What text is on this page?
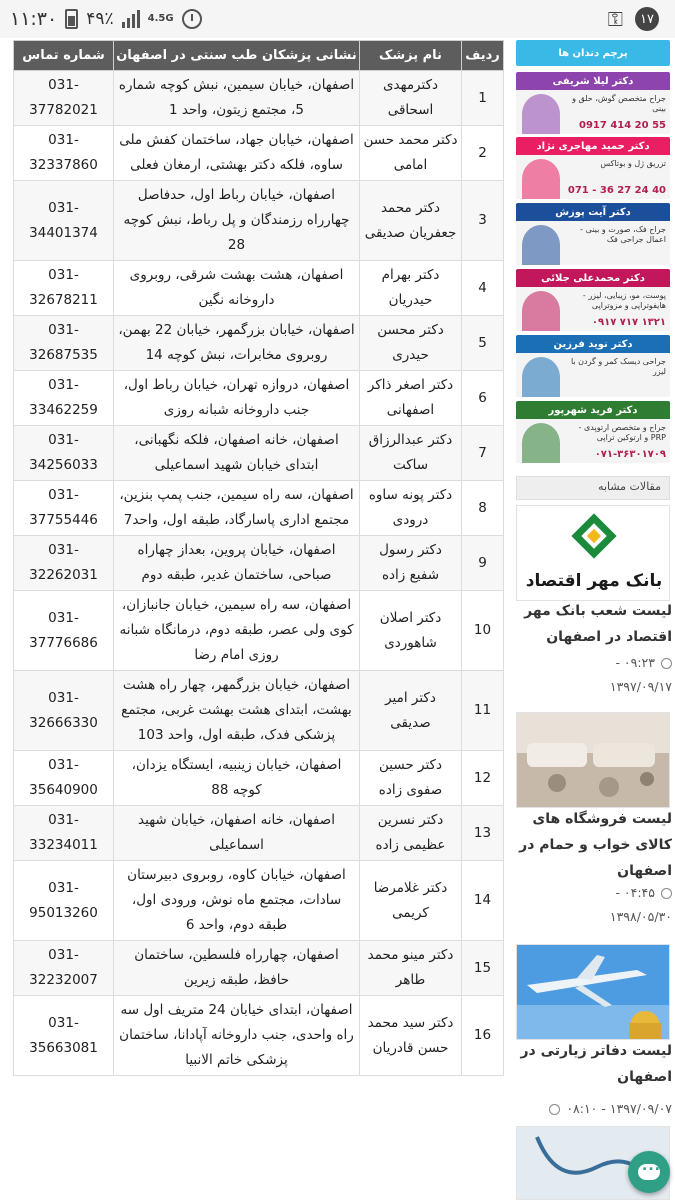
۱۱:۳۰ ۴۹٪	4.5G	⚿	۱۷
ردیف	نام پزشک	نشانی پزشکان طب سنتی در اصفهان	شماره تماس
1	دکترمهدی اسحاقی	اصفهان، خیابان سیمین، نبش کوچه شماره 5، مجتمع زیتون، واحد 1	031-37782021
2	دکتر محمد حسن امامی	اصفهان، خیابان جهاد، ساختمان کفش ملی ساوه، فلکه دکتر بهشتی، ارمغان فعلی	031-32337860
3	دکتر محمد جعفریان صدیقی	اصفهان، خیابان رباط اول، حدفاصل چهارراه رزمندگان و پل رباط، نبش کوچه 28	031-34401374
4	دکتر بهرام حیدریان	اصفهان، هشت بهشت شرقی، روبروی داروخانه نگین	031-32678211
5	دکتر محسن حیدری	اصفهان، خیابان بزرگمهر، خیابان 22 بهمن، روبروی مخابرات، نبش کوچه 14	031-32687535
6	دکتر اصغر ذاکر اصفهانی	اصفهان، دروازه تهران، خیابان رباط اول، جنب داروخانه شبانه روزی	031-33462259
7	دکتر عبدالرزاق ساکت	اصفهان، خانه اصفهان، فلکه نگهبانی، ابتدای خیابان شهید اسماعیلی	031-34256033
8	دکتر پونه ساوه درودی	اصفهان، سه راه سیمین، جنب پمپ بنزین، مجتمع اداری پاسارگاد، طبقه اول، واحد7	031-37755446
9	دکتر رسول شفیع زاده	اصفهان، خیابان پروین، بعداز چهاراه صباحی، ساختمان غدیر، طبقه دوم	031-32262031
10	دکتر اصلان شاهوردی	اصفهان، سه راه سیمین، خیابان جانبازان، کوی ولی عصر، طبقه دوم، درمانگاه شبانه روزی امام رضا	031-37776686
11	دکتر امیر صدیقی	اصفهان، خیابان بزرگمهر، چهار راه هشت بهشت، ابتدای هشت بهشت غربی، مجتمع پزشکی فدک، طبقه اول، واحد 103	031-32666330
12	دکتر حسین صفوی زاده	اصفهان، خیابان زینبیه، ایستگاه یزدان، کوچه 88	031-35640900
13	دکتر نسرین عظیمی زاده	اصفهان، خانه اصفهان، خیابان شهید اسماعیلی	031-33234011
14	دکتر غلامرضا کریمی	اصفهان، خیابان کاوه، روبروی دبیرستان سادات، مجتمع ماه نوش، ورودی اول، طبقه دوم، واحد 6	031-95013260
15	دکتر مینو محمد طاهر	اصفهان، چهارراه فلسطین، ساختمان حافظ، طبقه زیرین	031-32232007
16	دکتر سید محمد حسن قادریان	اصفهان، ابتدای خیابان 24 متریف اول سه راه واحدی، جنب داروخانه آپادانا، ساختمان پزشکی خاتم الانبیا	031-35663081
پرچم دندان ها
دکتر لیلا شریفی
جراح متخصص گوش، حلق و بینی
0917 414 20 55
دکتر حمید مهاجری نژاد
تزریق ژل و بوتاکس
071 - 36 27 24 40
دکتر آیت پوزش
جراح فک، صورت و بینی - اعمال جراحی فک
دکتر محمدعلی جلائی
پوست، مو، زیبایی، لیزر - هایفوتراپی و مزوتراپی
۰۹۱۷ ۷۱۷ ۱۳۲۱
دکتر نوید فرزین
جراحی دیسک کمر و گردن با لیزر
دکتر فرید شهرپور
جراح و متخصص ارتوپدی - PRP و ارتوکین تراپی
۰۷۱-۳۶۳۰۱۷۰۹
مقالات مشابه
بانک مهر اقتصاد
لیست شعب بانک مهر اقتصاد در اصفهان
۰۹:۲۳ -
۱۳۹۷/۰۹/۱۷
لیست فروشگاه های کالای خواب و حمام در اصفهان
۰۴:۴۵ -
۱۳۹۸/۰۵/۳۰
لیست دفاتر زیارتی در اصفهان
۱۳۹۷/۰۹/۰۷ - ۰۸:۱۰
...
